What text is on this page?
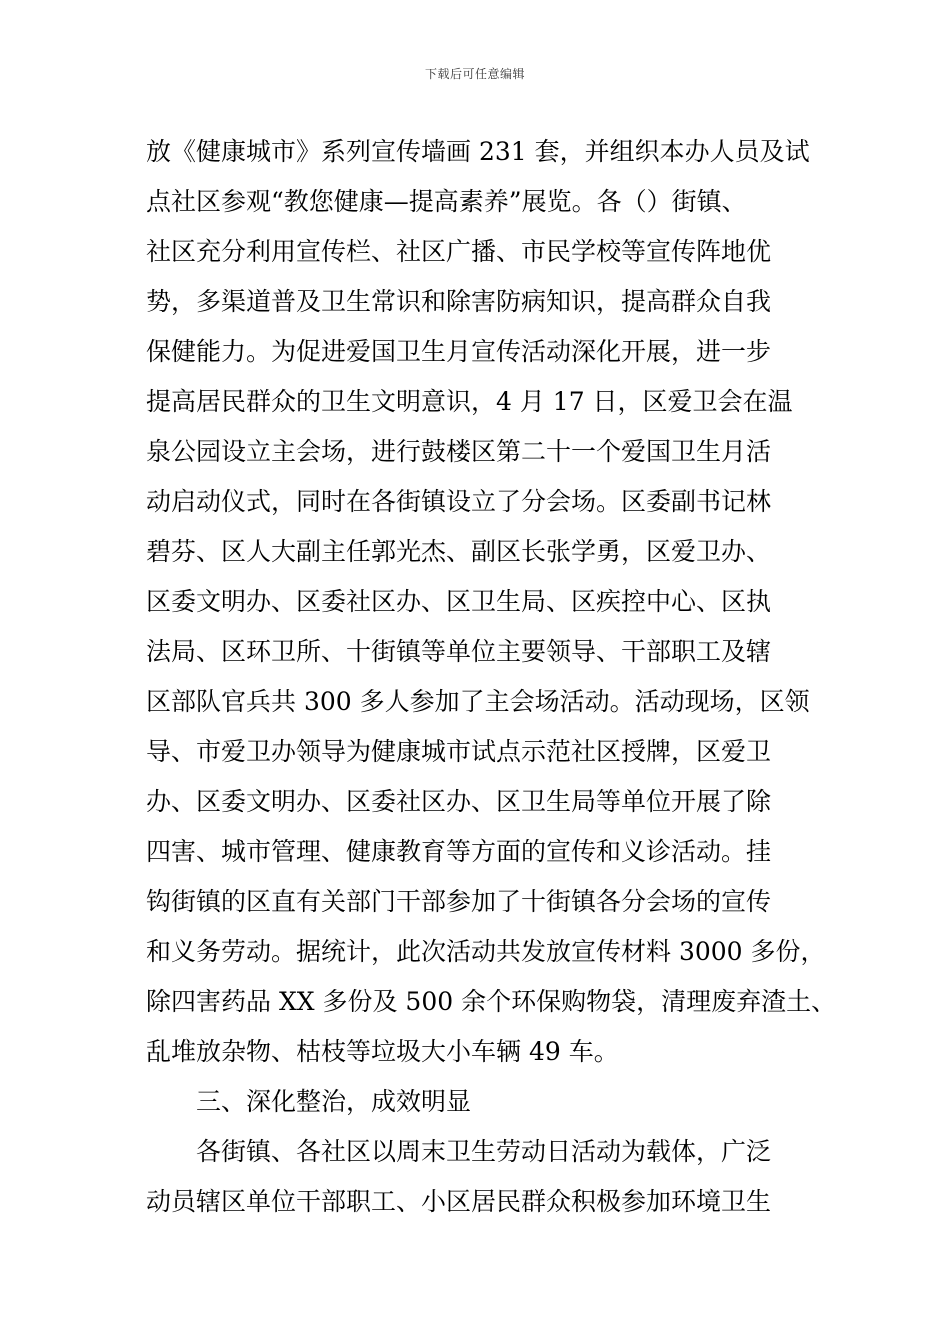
下载后可任意编辑
放《健康城市》系列宣传墙画 231 套，并组织本办人员及试
点社区参观“教您健康—提高素养”展览。各（）街镇、
社区充分利用宣传栏、社区广播、市民学校等宣传阵地优
势，多渠道普及卫生常识和除害防病知识，提高群众自我
保健能力。为促进爱国卫生月宣传活动深化开展，进一步
提高居民群众的卫生文明意识，4 月 17 日，区爱卫会在温
泉公园设立主会场，进行鼓楼区第二十一个爱国卫生月活
动启动仪式，同时在各街镇设立了分会场。区委副书记林
碧芬、区人大副主任郭光杰、副区长张学勇，区爱卫办、
区委文明办、区委社区办、区卫生局、区疾控中心、区执
法局、区环卫所、十街镇等单位主要领导、干部职工及辖
区部队官兵共 300 多人参加了主会场活动。活动现场，区领
导、市爱卫办领导为健康城市试点示范社区授牌，区爱卫
办、区委文明办、区委社区办、区卫生局等单位开展了除
四害、城市管理、健康教育等方面的宣传和义诊活动。挂
钩街镇的区直有关部门干部参加了十街镇各分会场的宣传
和义务劳动。据统计，此次活动共发放宣传材料 3000 多份，
除四害药品 XX 多份及 500 余个环保购物袋，清理废弃渣土、
乱堆放杂物、枯枝等垃圾大小车辆 49 车。
三、深化整治，成效明显
各街镇、各社区以周末卫生劳动日活动为载体，广泛
动员辖区单位干部职工、小区居民群众积极参加环境卫生
